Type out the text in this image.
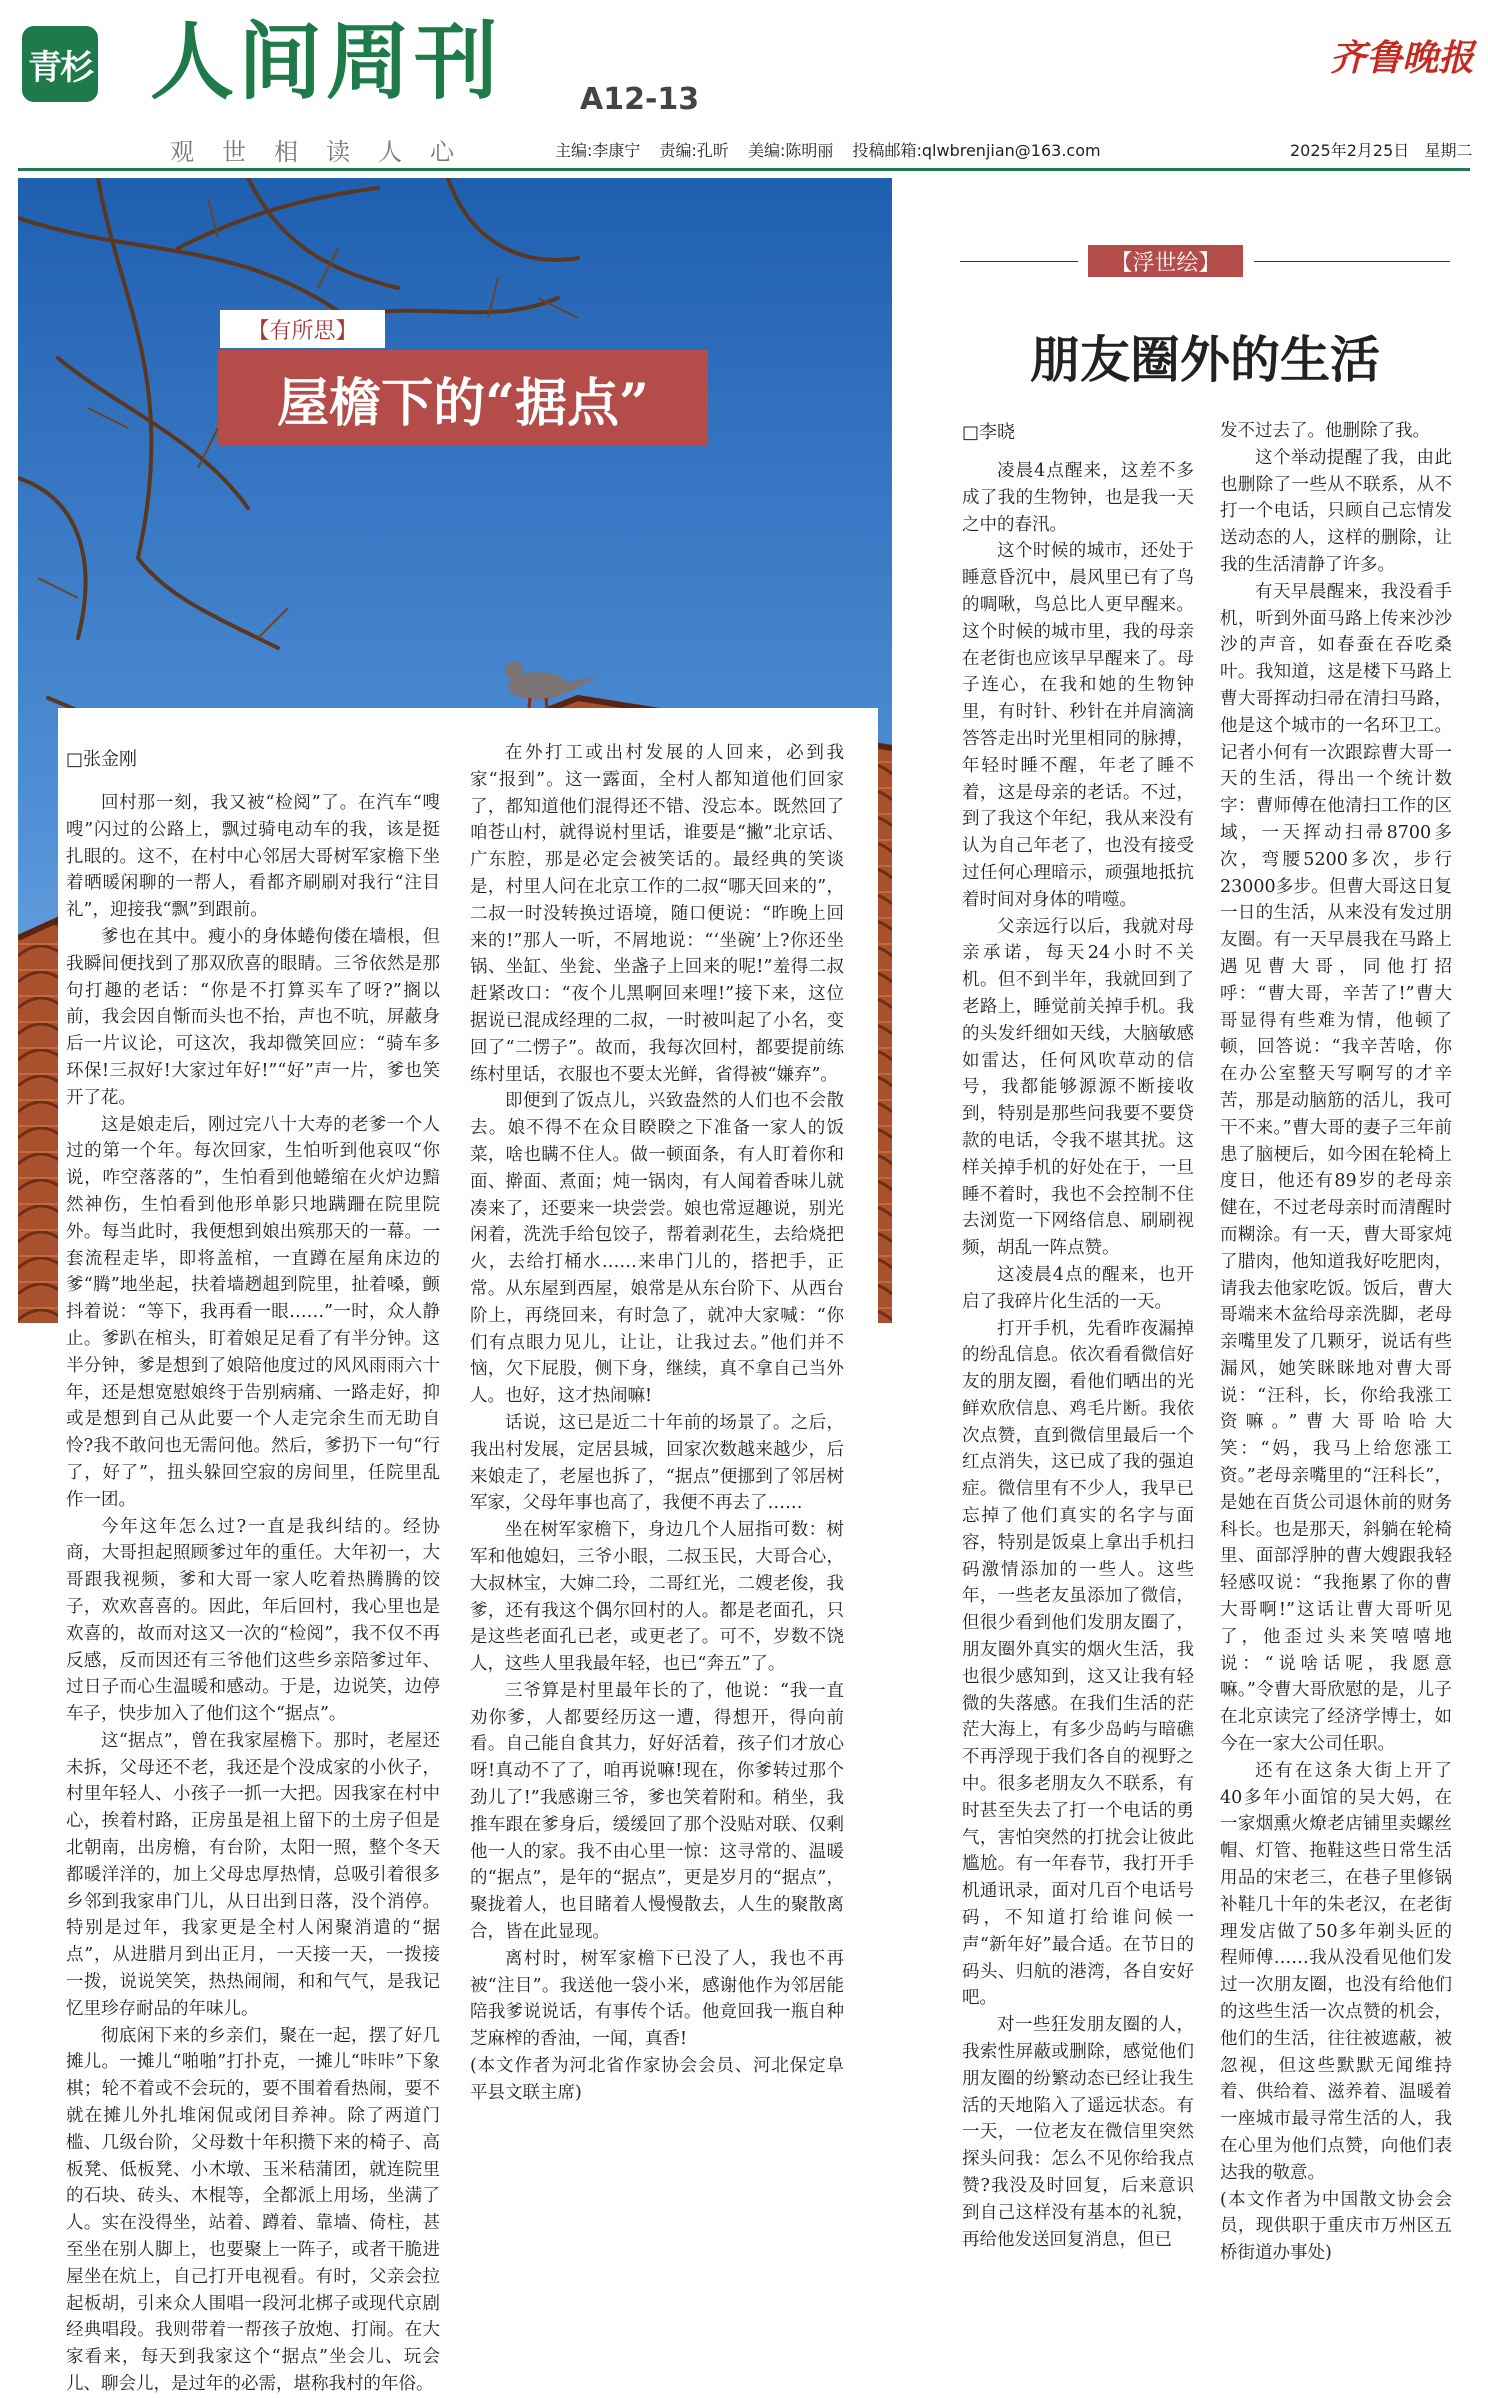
青杉 人间周刊	A12-13
齐鲁晚报
观世相读人心	主编:李康宁 责编:孔昕 美编:陈明丽 投稿邮箱:qlwbrenjian@163.com	2025年2月25日 星期二
【有所思】
屋檐下的“据点”
□张金刚

回村那一刻，我又被“检阅”了。在汽车“嗖嗖”闪过的公路上，飘过骑电动车的我，该是挺扎眼的。这不，在村中心邻居大哥树军家檐下坐着晒暖闲聊的一帮人，看都齐刷刷对我行“注目礼”，迎接我“飘”到跟前。

爹也在其中。瘦小的身体蜷佝偻在墙根，但我瞬间便找到了那双欣喜的眼睛。三爷依然是那句打趣的老话：“你是不打算买车了呀?”搁以前，我会因自惭而头也不抬，声也不吭，屏蔽身后一片议论，可这次，我却微笑回应：“骑车多环保!三叔好!大家过年好!”“好”声一片，爹也笑开了花。

这是娘走后，刚过完八十大寿的老爹一个人过的第一个年。每次回家，生怕听到他哀叹“你说，咋空落落的”，生怕看到他蜷缩在火炉边黯然神伤，生怕看到他形单影只地蹒跚在院里院外。每当此时，我便想到娘出殡那天的一幕。一套流程走毕，即将盖棺，一直蹲在屋角床边的爹“腾”地坐起，扶着墙趔趄到院里，扯着嗓，颤抖着说：“等下，我再看一眼……”一时，众人静止。爹趴在棺头，盯着娘足足看了有半分钟。这半分钟，爹是想到了娘陪他度过的风风雨雨六十年，还是想宽慰娘终于告别病痛、一路走好，抑或是想到自己从此要一个人走完余生而无助自怜?我不敢问也无需问他。然后，爹扔下一句“行了，好了”，扭头躲回空寂的房间里，任院里乱作一团。

今年这年怎么过?一直是我纠结的。经协商，大哥担起照顾爹过年的重任。大年初一，大哥跟我视频，爹和大哥一家人吃着热腾腾的饺子，欢欢喜喜的。因此，年后回村，我心里也是欢喜的，故而对这又一次的“检阅”，我不仅不再反感，反而因还有三爷他们这些乡亲陪爹过年、过日子而心生温暖和感动。于是，边说笑，边停车子，快步加入了他们这个“据点”。

这“据点”，曾在我家屋檐下。那时，老屋还未拆，父母还不老，我还是个没成家的小伙子，村里年轻人、小孩子一抓一大把。因我家在村中心，挨着村路，正房虽是祖上留下的土房子但是北朝南，出房檐，有台阶，太阳一照，整个冬天都暖洋洋的，加上父母忠厚热情，总吸引着很多乡邻到我家串门儿，从日出到日落，没个消停。特别是过年，我家更是全村人闲聚消遣的“据点”，从进腊月到出正月，一天接一天，一拨接一拨，说说笑笑，热热闹闹，和和气气，是我记忆里珍存耐品的年味儿。

彻底闲下来的乡亲们，聚在一起，摆了好几摊儿。一摊儿“啪啪”打扑克，一摊儿“咔咔”下象棋；轮不着或不会玩的，要不围着看热闹，要不就在摊儿外扎堆闲侃或闭目养神。除了两道门槛、几级台阶，父母数十年积攒下来的椅子、高板凳、低板凳、小木墩、玉米秸蒲团，就连院里的石块、砖头、木棍等，全都派上用场，坐满了人。实在没得坐，站着、蹲着、靠墙、倚柱，甚至坐在别人脚上，也要聚上一阵子，或者干脆进屋坐在炕上，自己打开电视看。有时，父亲会拉起板胡，引来众人围唱一段河北梆子或现代京剧经典唱段。我则带着一帮孩子放炮、打闹。在大家看来，每天到我家这个“据点”坐会儿、玩会儿、聊会儿，是过年的必需，堪称我村的年俗。

在外打工或出村发展的人回来，必到我家“报到”。这一露面，全村人都知道他们回家了，都知道他们混得还不错、没忘本。既然回了咱苍山村，就得说村里话，谁要是“撇”北京话、广东腔，那是必定会被笑话的。最经典的笑谈是，村里人问在北京工作的二叔“哪天回来的”，二叔一时没转换过语境，随口便说：“昨晚上回来的!”那人一听，不屑地说：“‘坐碗’上?你还坐锅、坐缸、坐瓮、坐盏子上回来的呢!”羞得二叔赶紧改口：“夜个儿黑啊回来哩!”接下来，这位据说已混成经理的二叔，一时被叫起了小名，变回了“二愣子”。故而，我每次回村，都要提前练练村里话，衣服也不要太光鲜，省得被“嫌弃”。

即便到了饭点儿，兴致盎然的人们也不会散去。娘不得不在众目睽睽之下准备一家人的饭菜，啥也瞒不住人。做一顿面条，有人盯着你和面、擀面、煮面；炖一锅肉，有人闻着香味儿就凑来了，还要来一块尝尝。娘也常逗趣说，别光闲着，洗洗手给包饺子，帮着剥花生，去给烧把火，去给打桶水……来串门儿的，搭把手，正常。从东屋到西屋，娘常是从东台阶下、从西台阶上，再绕回来，有时急了，就冲大家喊：“你们有点眼力见儿，让让，让我过去。”他们并不恼，欠下屁股，侧下身，继续，真不拿自己当外人。也好，这才热闹嘛!

话说，这已是近二十年前的场景了。之后，我出村发展，定居县城，回家次数越来越少，后来娘走了，老屋也拆了，“据点”便挪到了邻居树军家，父母年事也高了，我便不再去了……

坐在树军家檐下，身边几个人屈指可数：树军和他媳妇，三爷小眼，二叔玉民，大哥合心，大叔林宝，大婶二玲，二哥红光，二嫂老俊，我爹，还有我这个偶尔回村的人。都是老面孔，只是这些老面孔已老，或更老了。可不，岁数不饶人，这些人里我最年轻，也已“奔五”了。

三爷算是村里最年长的了，他说：“我一直劝你爹，人都要经历这一遭，得想开，得向前看。自己能自食其力，好好活着，孩子们才放心呀!真动不了了，咱再说嘛!现在，你爹转过那个劲儿了!”我感谢三爷，爹也笑着附和。稍坐，我推车跟在爹身后，缓缓回了那个没贴对联、仅剩他一人的家。我不由心里一惊：这寻常的、温暖的“据点”，是年的“据点”，更是岁月的“据点”，聚拢着人，也目睹着人慢慢散去，人生的聚散离合，皆在此显现。

离村时，树军家檐下已没了人，我也不再被“注目”。我送他一袋小米，感谢他作为邻居能陪我爹说说话，有事传个话。他竟回我一瓶自种芝麻榨的香油，一闻，真香!

(本文作者为河北省作家协会会员、河北保定阜平县文联主席)

【浮世绘】
朋友圈外的生活
□李晓

凌晨4点醒来，这差不多成了我的生物钟，也是我一天之中的春汛。

这个时候的城市，还处于睡意昏沉中，晨风里已有了鸟的啁啾，鸟总比人更早醒来。这个时候的城市里，我的母亲在老街也应该早早醒来了。母子连心，在我和她的生物钟里，有时针、秒针在并肩滴滴答答走出时光里相同的脉搏，年轻时睡不醒，年老了睡不着，这是母亲的老话。不过，到了我这个年纪，我从来没有认为自己年老了，也没有接受过任何心理暗示，顽强地抵抗着时间对身体的啃噬。

父亲远行以后，我就对母亲承诺，每天24小时不关机。但不到半年，我就回到了老路上，睡觉前关掉手机。我的头发纤细如天线，大脑敏感如雷达，任何风吹草动的信号，我都能够源源不断接收到，特别是那些问我要不要贷款的电话，令我不堪其扰。这样关掉手机的好处在于，一旦睡不着时，我也不会控制不住去浏览一下网络信息、刷刷视频，胡乱一阵点赞。

这凌晨4点的醒来，也开启了我碎片化生活的一天。

打开手机，先看昨夜漏掉的纷乱信息。依次看看微信好友的朋友圈，看他们晒出的光鲜欢欣信息、鸡毛片断。我依次点赞，直到微信里最后一个红点消失，这已成了我的强迫症。微信里有不少人，我早已忘掉了他们真实的名字与面容，特别是饭桌上拿出手机扫码激情添加的一些人。这些年，一些老友虽添加了微信，但很少看到他们发朋友圈了，朋友圈外真实的烟火生活，我也很少感知到，这又让我有轻微的失落感。在我们生活的茫茫大海上，有多少岛屿与暗礁不再浮现于我们各自的视野之中。很多老朋友久不联系，有时甚至失去了打一个电话的勇气，害怕突然的打扰会让彼此尴尬。有一年春节，我打开手机通讯录，面对几百个电话号码，不知道打给谁问候一声“新年好”最合适。在节日的码头、归航的港湾，各自安好吧。

对一些狂发朋友圈的人，我索性屏蔽或删除，感觉他们朋友圈的纷繁动态已经让我生活的天地陷入了遥远状态。有一天，一位老友在微信里突然探头问我：怎么不见你给我点赞?我没及时回复，后来意识到自己这样没有基本的礼貌，再给他发送回复消息，但已

发不过去了。他删除了我。

这个举动提醒了我，由此也删除了一些从不联系，从不打一个电话，只顾自己忘情发送动态的人，这样的删除，让我的生活清静了许多。

有天早晨醒来，我没看手机，听到外面马路上传来沙沙沙的声音，如春蚕在吞吃桑叶。我知道，这是楼下马路上曹大哥挥动扫帚在清扫马路，他是这个城市的一名环卫工。记者小何有一次跟踪曹大哥一天的生活，得出一个统计数字：曹师傅在他清扫工作的区域，一天挥动扫帚8700多次，弯腰5200多次，步行23000多步。但曹大哥这日复一日的生活，从来没有发过朋友圈。有一天早晨我在马路上遇见曹大哥，同他打招呼：“曹大哥，辛苦了!”曹大哥显得有些难为情，他顿了顿，回答说：“我辛苦啥，你在办公室整天写啊写的才辛苦，那是动脑筋的活儿，我可干不来。”曹大哥的妻子三年前患了脑梗后，如今困在轮椅上度日，他还有89岁的老母亲健在，不过老母亲时而清醒时而糊涂。有一天，曹大哥家炖了腊肉，他知道我好吃肥肉，请我去他家吃饭。饭后，曹大哥端来木盆给母亲洗脚，老母亲嘴里发了几颗牙，说话有些漏风，她笑眯眯地对曹大哥说：“汪科，长，你给我涨工资嘛。”曹大哥哈哈大笑：“妈，我马上给您涨工资。”老母亲嘴里的“汪科长”，是她在百货公司退休前的财务科长。也是那天，斜躺在轮椅里、面部浮肿的曹大嫂跟我轻轻感叹说：“我拖累了你的曹大哥啊!”这话让曹大哥听见了，他歪过头来笑嘻嘻地说：“说啥话呢，我愿意嘛。”令曹大哥欣慰的是，儿子在北京读完了经济学博士，如今在一家大公司任职。

还有在这条大街上开了40多年小面馆的吴大妈，在一家烟熏火燎老店铺里卖螺丝帽、灯管、拖鞋这些日常生活用品的宋老三，在巷子里修锅补鞋几十年的朱老汉，在老街理发店做了50多年剃头匠的程师傅……我从没看见他们发过一次朋友圈，也没有给他们的这些生活一次点赞的机会，他们的生活，往往被遮蔽，被忽视，但这些默默无闻维持着、供给着、滋养着、温暖着一座城市最寻常生活的人，我在心里为他们点赞，向他们表达我的敬意。

(本文作者为中国散文协会会员，现供职于重庆市万州区五桥街道办事处)
